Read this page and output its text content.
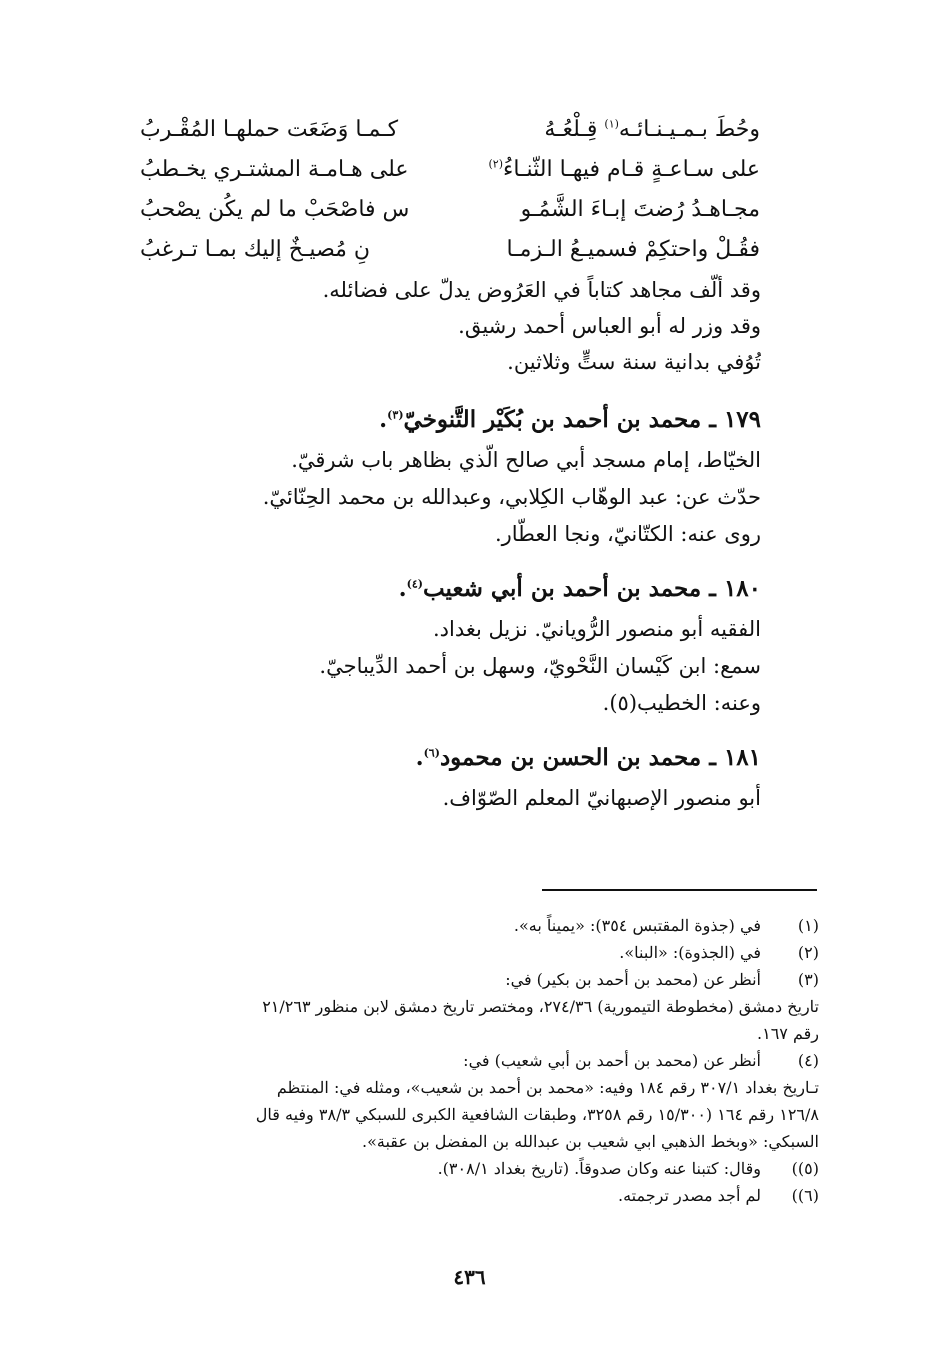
وحُطَ بـمـيـنـائـه$^{(١)}$ قِـلْعُـهُ
كـمـا وَضَعَت حملهـا المُقْـربُ
على سـاعـةٍ قـام فيهـا الثّنـاءُ$^{(٢)}$
على هـامـة المشتـري يخـطبُ
مجـاهـدُ رُضتَ إبـاءَ الشَّمُـو
س فاصْحَبْ ما لم يكُن يصْحبُ
فقُـلْ واحتكِمْ فسميـعُ الـزمـا
نِ مُصيـخٌ إليك بمـا تـرغبُ
وقد ألّف مجاهد كتاباً في العَرُوض يدلّ على فضائله.
وقد وزر له أبو العباس أحمد رشيق.
تُوُفي بدانية سنة ستٍّ وثلاثين.
١٧٩ ـ محمد بن أحمد بن بُكَيْر التَّنوخيّ$^{(٣)}$.
الخيّاط، إمام مسجد أبي صالح الّذي بظاهر باب شرقيّ.
حدّث عن: عبد الوهّاب الكِلابي، وعبدالله بن محمد الحِنّائيّ.
روى عنه: الكتّانيّ، ونجا العطّار.
١٨٠ ـ محمد بن أحمد بن أبي شعيب$^{(٤)}$.
الفقيه أبو منصور الرُّويانيّ. نزيل بغداد.
سمع: ابن كَيْسان النَّحْويّ، وسهل بن أحمد الدِّيباجيّ.
وعنه: الخطيب(٥).
١٨١ ـ محمد بن الحسن بن محمود$^{(٦)}$.
أبو منصور الإصبهانيّ المعلم الصّوّاف.
(١)
في (جذوة المقتبس ٣٥٤): «يميناً به».
(٢)
في (الجذوة): «البنا».
(٣)
أنظر عن (محمد بن أحمد بن بكير) في:
تاريخ دمشق (مخطوطة التيمورية) ٢٧٤/٣٦، ومختصر تاريخ دمشق لابن منظور ٢١/٢٦٣
رقم ١٦٧.
(٤)
أنظر عن (محمد بن أحمد بن أبي شعيب) في:
تـاريخ بغداد ٣٠٧/١ رقم ١٨٤ وفيه: «محمد بن أحمد بن شعيب»، ومثله في: المنتظم
١٢٦/٨ رقم ١٦٤ (١٥/٣٠٠ رقم ٣٢٥٨، وطبقات الشافعية الكبرى للسبكي ٣٨/٣ وفيه قال
السبكي: «وبخط الذهبي ابي شعيب بن عبدالله بن المفضل بن عقبة».
(٥))
وقال: كتبنا عنه وكان صدوقاً. (تاريخ بغداد ٣٠٨/١).
(٦))
لم أجد مصدر ترجمته.
٤٣٦
